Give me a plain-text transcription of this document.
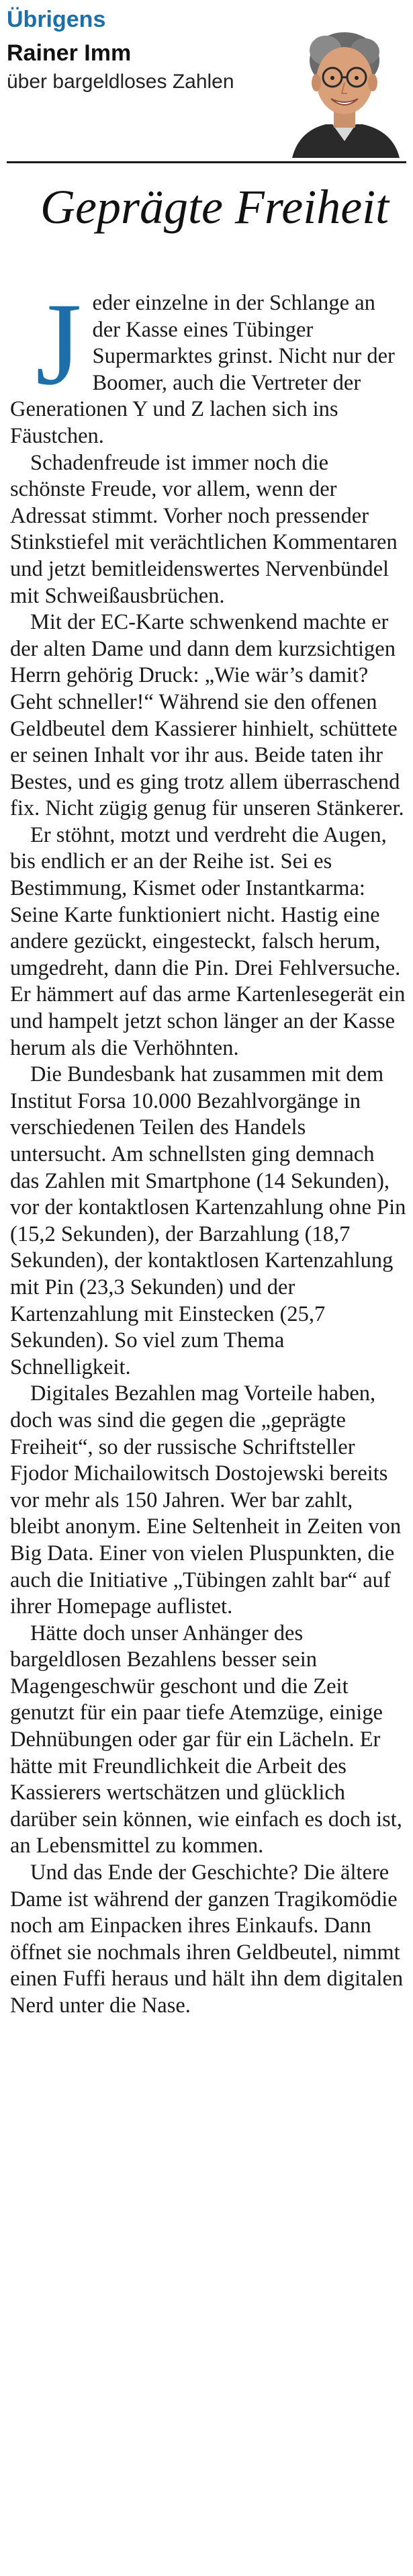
Übrigens
Rainer Imm
über bargeldloses Zahlen
Geprägte Freiheit
J eder einzelne in der Schlange an der Kasse eines Tübinger Supermarktes grinst. Nicht nur der Boomer, auch die Vertreter der Generationen Y und Z lachen sich ins Fäustchen.

Schadenfreude ist immer noch die schönste Freude, vor allem, wenn der Adressat stimmt. Vorher noch pressender Stinkstiefel mit verächtlichen Kommentaren und jetzt bemitleidenswertes Nervenbündel mit Schweißausbrüchen.

Mit der EC-Karte schwenkend machte er der alten Dame und dann dem kurzsichtigen Herrn gehörig Druck: „Wie wär’s damit? Geht schneller!“ Während sie den offenen Geldbeutel dem Kassierer hinhielt, schüttete er seinen Inhalt vor ihr aus. Beide taten ihr Bestes, und es ging trotz allem überraschend fix. Nicht zügig genug für unseren Stänkerer.

Er stöhnt, motzt und verdreht die Augen, bis endlich er an der Reihe ist. Sei es Bestimmung, Kismet oder Instantkarma: Seine Karte funktioniert nicht. Hastig eine andere gezückt, eingesteckt, falsch herum, umgedreht, dann die Pin. Drei Fehlversuche. Er hämmert auf das arme Kartenlesegerät ein und hampelt jetzt schon länger an der Kasse herum als die Verhöhnten.

Die Bundesbank hat zusammen mit dem Institut Forsa 10.000 Bezahlvorgänge in verschiedenen Teilen des Handels untersucht. Am schnellsten ging demnach das Zahlen mit Smartphone (14 Sekunden), vor der kontaktlosen Kartenzahlung ohne Pin (15,2 Sekunden), der Barzahlung (18,7 Sekunden), der kontaktlosen Kartenzahlung mit Pin (23,3 Sekunden) und der Kartenzahlung mit Einstecken (25,7 Sekunden). So viel zum Thema Schnelligkeit.

Digitales Bezahlen mag Vorteile haben, doch was sind die gegen die „geprägte Freiheit“, so der russische Schriftsteller Fjodor Michailowitsch Dostojewski bereits vor mehr als 150 Jahren. Wer bar zahlt, bleibt anonym. Eine Seltenheit in Zeiten von Big Data. Einer von vielen Pluspunkten, die auch die Initiative „Tübingen zahlt bar“ auf ihrer Homepage auflistet.

Hätte doch unser Anhänger des bargeldlosen Bezahlens besser sein Magengeschwür geschont und die Zeit genutzt für ein paar tiefe Atemzüge, einige Dehnübungen oder gar für ein Lächeln. Er hätte mit Freundlichkeit die Arbeit des Kassierers wertschätzen und glücklich darüber sein können, wie einfach es doch ist, an Lebensmittel zu kommen.

Und das Ende der Geschichte? Die ältere Dame ist während der ganzen Tragikomödie noch am Einpacken ihres Einkaufs. Dann öffnet sie nochmals ihren Geldbeutel, nimmt einen Fuffi heraus und hält ihn dem digitalen Nerd unter die Nase.
